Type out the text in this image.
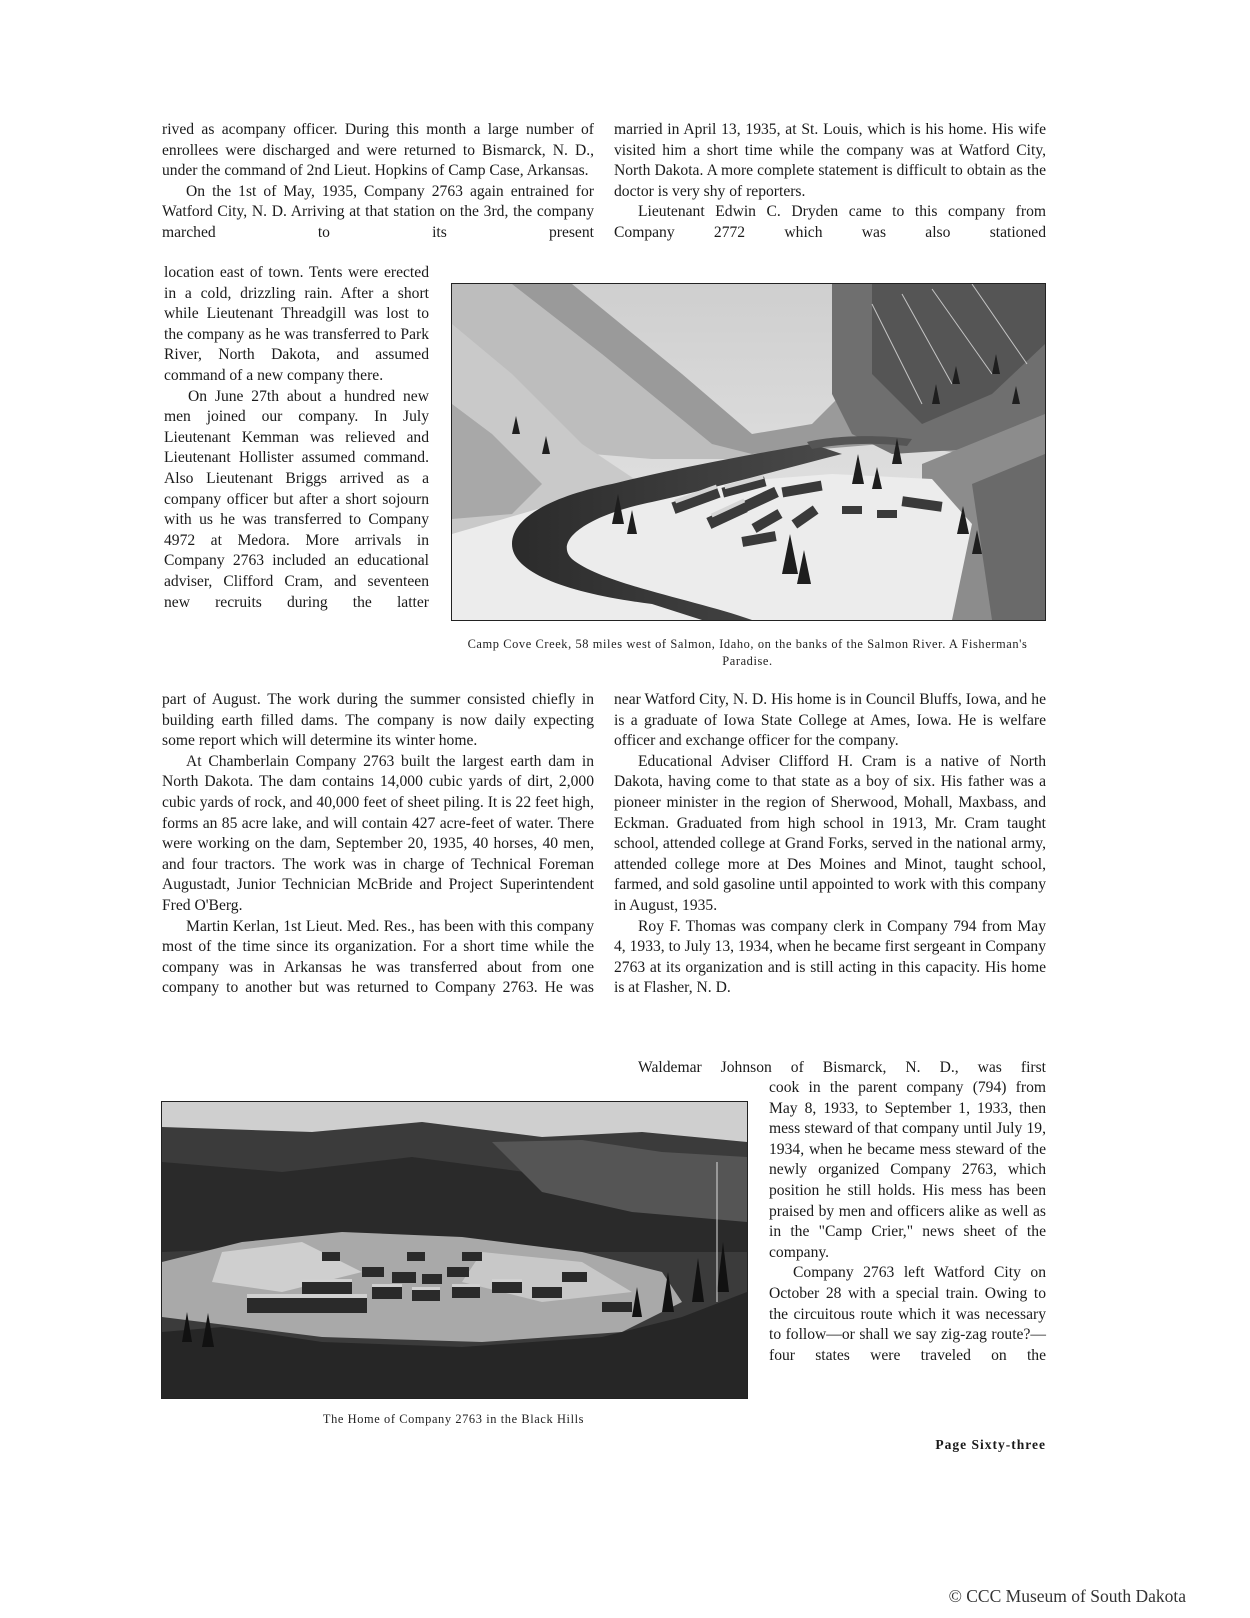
rived as acompany officer. During this month a large number of enrollees were discharged and were returned to Bismarck, N. D., under the command of 2nd Lieut. Hopkins of Camp Case, Arkansas.

On the 1st of May, 1935, Company 2763 again entrained for Watford City, N. D. Arriving at that station on the 3rd, the company marched to its present

location east of town. Tents were erected in a cold, drizzling rain. After a short while Lieutenant Threadgill was lost to the company as he was transferred to Park River, North Dakota, and assumed command of a new company there.

On June 27th about a hundred new men joined our company. In July Lieutenant Kemman was relieved and Lieutenant Hollister assumed command. Also Lieutenant Briggs arrived as a company officer but after a short sojourn with us he was transferred to Company 4972 at Medora. More arrivals in Company 2763 included an educational adviser, Clifford Cram, and seventeen new recruits during the latter

part of August. The work during the summer consisted chiefly in building earth filled dams. The company is now daily expecting some report which will determine its winter home.

At Chamberlain Company 2763 built the largest earth dam in North Dakota. The dam contains 14,000 cubic yards of dirt, 2,000 cubic yards of rock, and 40,000 feet of sheet piling. It is 22 feet high, forms an 85 acre lake, and will contain 427 acre-feet of water. There were working on the dam, September 20, 1935, 40 horses, 40 men, and four tractors. The work was in charge of Technical Foreman Augustadt, Junior Technician McBride and Project Superintendent Fred O'Berg.

Martin Kerlan, 1st Lieut. Med. Res., has been with this company most of the time since its organization. For a short time while the company was in Arkansas he was transferred about from one company to another but was returned to Company 2763. He was

married in April 13, 1935, at St. Louis, which is his home. His wife visited him a short time while the company was at Watford City, North Dakota. A more complete statement is difficult to obtain as the doctor is very shy of reporters.

Lieutenant Edwin C. Dryden came to this company from Company 2772 which was also stationed

Camp Cove Creek, 58 miles west of Salmon, Idaho, on the banks of the Salmon River. A Fisherman's Paradise.

near Watford City, N. D. His home is in Council Bluffs, Iowa, and he is a graduate of Iowa State College at Ames, Iowa. He is welfare officer and exchange officer for the company.

Educational Adviser Clifford H. Cram is a native of North Dakota, having come to that state as a boy of six. His father was a pioneer minister in the region of Sherwood, Mohall, Maxbass, and Eckman. Graduated from high school in 1913, Mr. Cram taught school, attended college at Grand Forks, served in the national army, attended college more at Des Moines and Minot, taught school, farmed, and sold gasoline until appointed to work with this company in August, 1935.

Roy F. Thomas was company clerk in Company 794 from May 4, 1933, to July 13, 1934, when he became first sergeant in Company 2763 at its organization and is still acting in this capacity. His home is at Flasher, N. D.

Waldemar Johnson of Bismarck, N. D., was first

cook in the parent company (794) from May 8, 1933, to September 1, 1933, then mess steward of that company until July 19, 1934, when he became mess steward of the newly organized Company 2763, which position he still holds. His mess has been praised by men and officers alike as well as in the "Camp Crier," news sheet of the company.

Company 2763 left Watford City on October 28 with a special train. Owing to the circuitous route which it was necessary to follow—or shall we say zig-zag route?—four states were traveled on the

The Home of Company 2763 in the Black Hills

Page Sixty-three
© CCC Museum of South Dakota
